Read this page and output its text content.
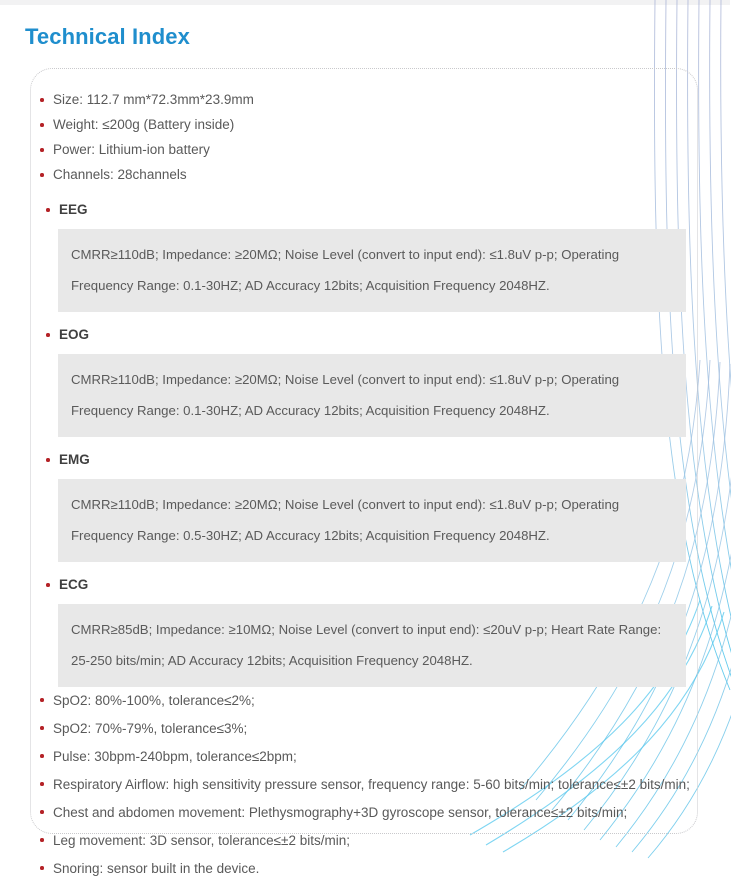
Technical Index
Size: 112.7 mm*72.3mm*23.9mm
Weight: ≤200g (Battery inside)
Power: Lithium-ion battery
Channels: 28channels
EEG
CMRR≥110dB; Impedance: ≥20MΩ; Noise Level (convert to input end): ≤1.8uV p-p; Operating Frequency Range: 0.1-30HZ; AD Accuracy 12bits; Acquisition Frequency 2048HZ.
EOG
CMRR≥110dB; Impedance: ≥20MΩ; Noise Level (convert to input end): ≤1.8uV p-p; Operating Frequency Range: 0.1-30HZ; AD Accuracy 12bits; Acquisition Frequency 2048HZ.
EMG
CMRR≥110dB; Impedance: ≥20MΩ; Noise Level (convert to input end): ≤1.8uV p-p; Operating Frequency Range: 0.5-30HZ; AD Accuracy 12bits; Acquisition Frequency 2048HZ.
ECG
CMRR≥85dB; Impedance: ≥10MΩ; Noise Level (convert to input end): ≤20uV p-p; Heart Rate Range: 25-250 bits/min; AD Accuracy 12bits; Acquisition Frequency 2048HZ.
SpO2: 80%-100%, tolerance≤2%;
SpO2: 70%-79%, tolerance≤3%;
Pulse: 30bpm-240bpm, tolerance≤2bpm;
Respiratory Airflow: high sensitivity pressure sensor, frequency range: 5-60 bits/min; tolerance≤±2 bits/min;
Chest and abdomen movement: Plethysmography+3D gyroscope sensor, tolerance≤±2 bits/min;
Leg movement: 3D sensor, tolerance≤±2 bits/min;
Snoring: sensor built in the device.
